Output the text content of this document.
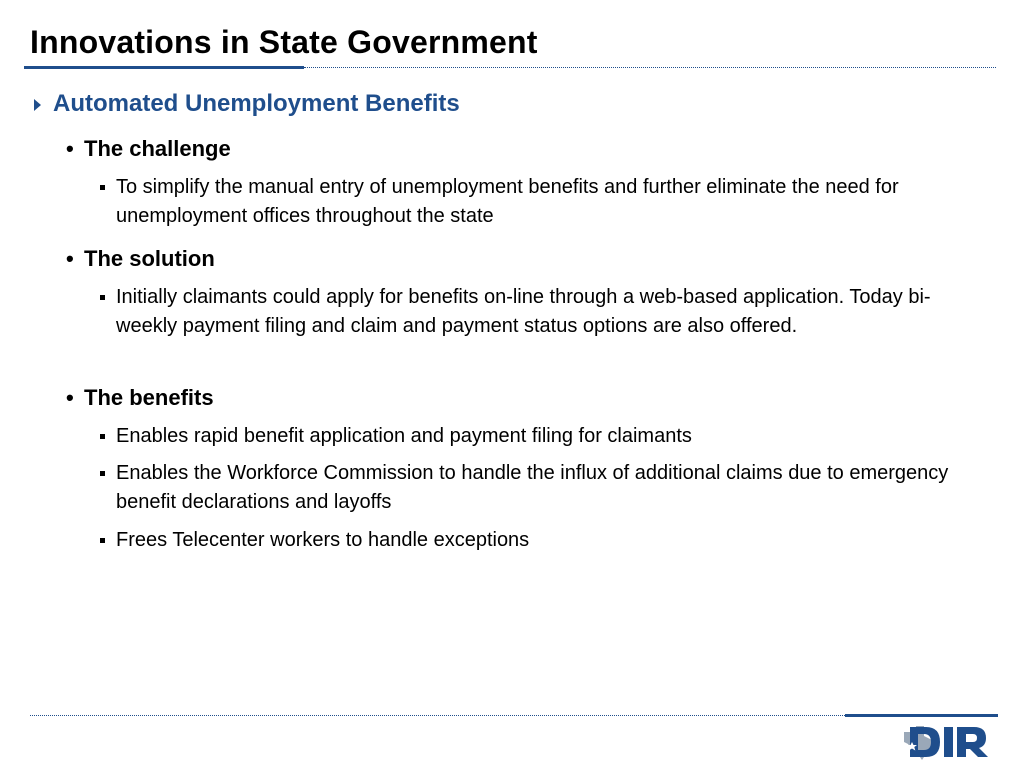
Innovations in State Government
Automated Unemployment Benefits
• The challenge
To simplify the manual entry of unemployment benefits and further eliminate the need for unemployment offices throughout the state
• The solution
Initially claimants could apply for benefits on-line through a web-based application. Today bi-weekly payment filing and claim and payment status options are also offered.
• The benefits
Enables rapid benefit application and payment filing for claimants
Enables the Workforce Commission to handle the influx of additional claims due to emergency benefit declarations and layoffs
Frees Telecenter workers to handle exceptions
